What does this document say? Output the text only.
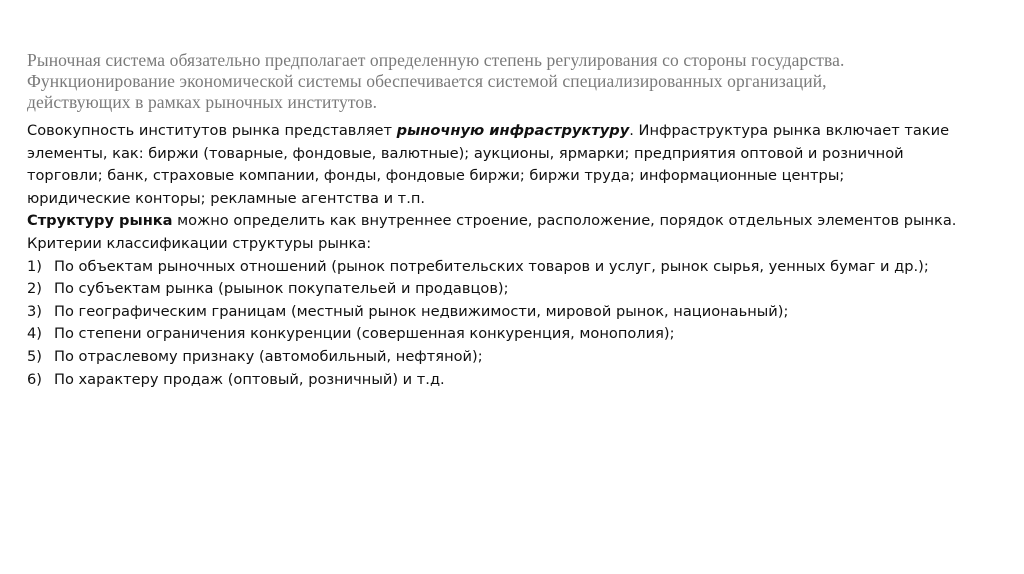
Рыночная система обязательно предполагает определенную степень регулирования со стороны государства.
Функционирование экономической системы обеспечивается системой специализированных организаций,
действующих в рамках рыночных институтов.
Совокупность институтов рынка представляет рыночную инфраструктуру. Инфраструктура рынка включает такие
элементы, как: биржи (товарные, фондовые, валютные); аукционы, ярмарки; предприятия оптовой и розничной
торговли; банк, страховые компании, фонды, фондовые биржи; биржи труда; информационные центры;
юридические конторы; рекламные агентства и т.п.
Структуру рынка можно определить как внутреннее строение, расположение, порядок отдельных элементов рынка.
Критерии классификации структуры рынка:
1) По объектам рыночных отношений (рынок потребительских товаров и услуг, рынок сырья, уенных бумаг и др.);
2) По субъектам рынка (рыынок покупательей и продавцов);
3) По географическим границам (местный рынок недвижимости, мировой рынок, национаьный);
4) По степени ограничения конкуренции (совершенная конкуренция, монополия);
5) По отраслевому признаку (автомобильный, нефтяной);
6) По характеру продаж (оптовый, розничный) и т.д.
